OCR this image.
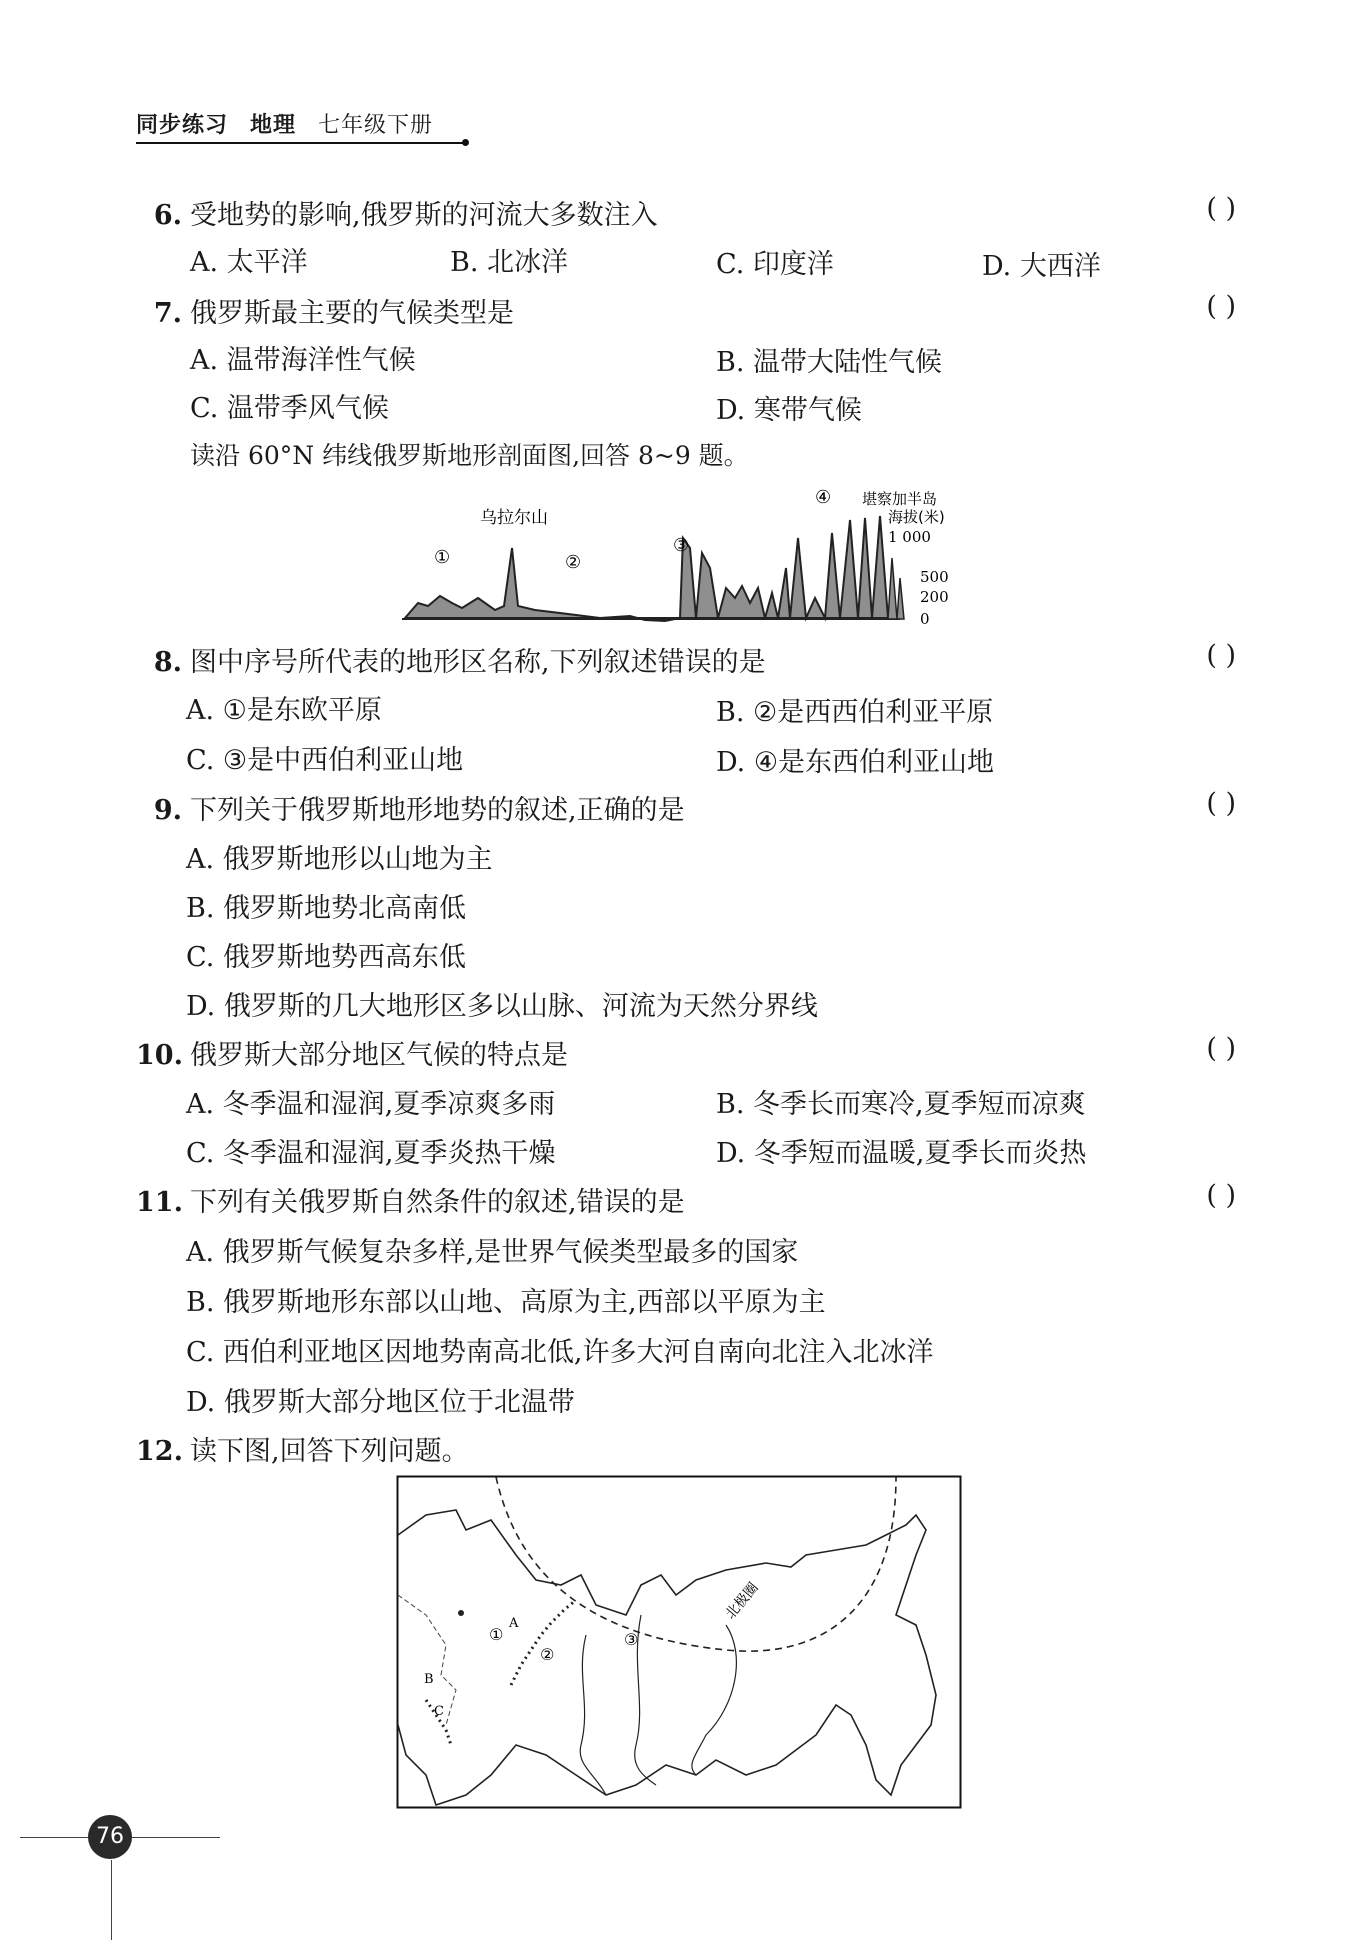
同步练习 地理 七年级下册
6. 受地势的影响,俄罗斯的河流大多数注入	( )
A. 太平洋	B. 北冰洋	C. 印度洋	D. 大西洋
7. 俄罗斯最主要的气候类型是	( )
A. 温带海洋性气候	B. 温带大陆性气候
C. 温带季风气候	D. 寒带气候
读沿 60°N 纬线俄罗斯地形剖面图,回答 8~9 题。
乌拉尔山
①	②
③
④ 堪察加半岛
海拔(米)
1 000
500
200
0
8. 图中序号所代表的地形区名称,下列叙述错误的是	( )
A. ①是东欧平原	B. ②是西西伯利亚平原
C. ③是中西伯利亚山地	D. ④是东西伯利亚山地
9. 下列关于俄罗斯地形地势的叙述,正确的是	( )
A. 俄罗斯地形以山地为主
B. 俄罗斯地势北高南低
C. 俄罗斯地势西高东低
D. 俄罗斯的几大地形区多以山脉、河流为天然分界线
10. 俄罗斯大部分地区气候的特点是	( )
A. 冬季温和湿润,夏季凉爽多雨	B. 冬季长而寒冷,夏季短而凉爽
C. 冬季温和湿润,夏季炎热干燥	D. 冬季短而温暖,夏季长而炎热
11. 下列有关俄罗斯自然条件的叙述,错误的是	( )
A. 俄罗斯气候复杂多样,是世界气候类型最多的国家
B. 俄罗斯地形东部以山地、高原为主,西部以平原为主
C. 西伯利亚地区因地势南高北低,许多大河自南向北注入北冰洋
D. 俄罗斯大部分地区位于北温带
12. 读下图,回答下列问题。
北极圈
A
B
C
①
②
③
76
